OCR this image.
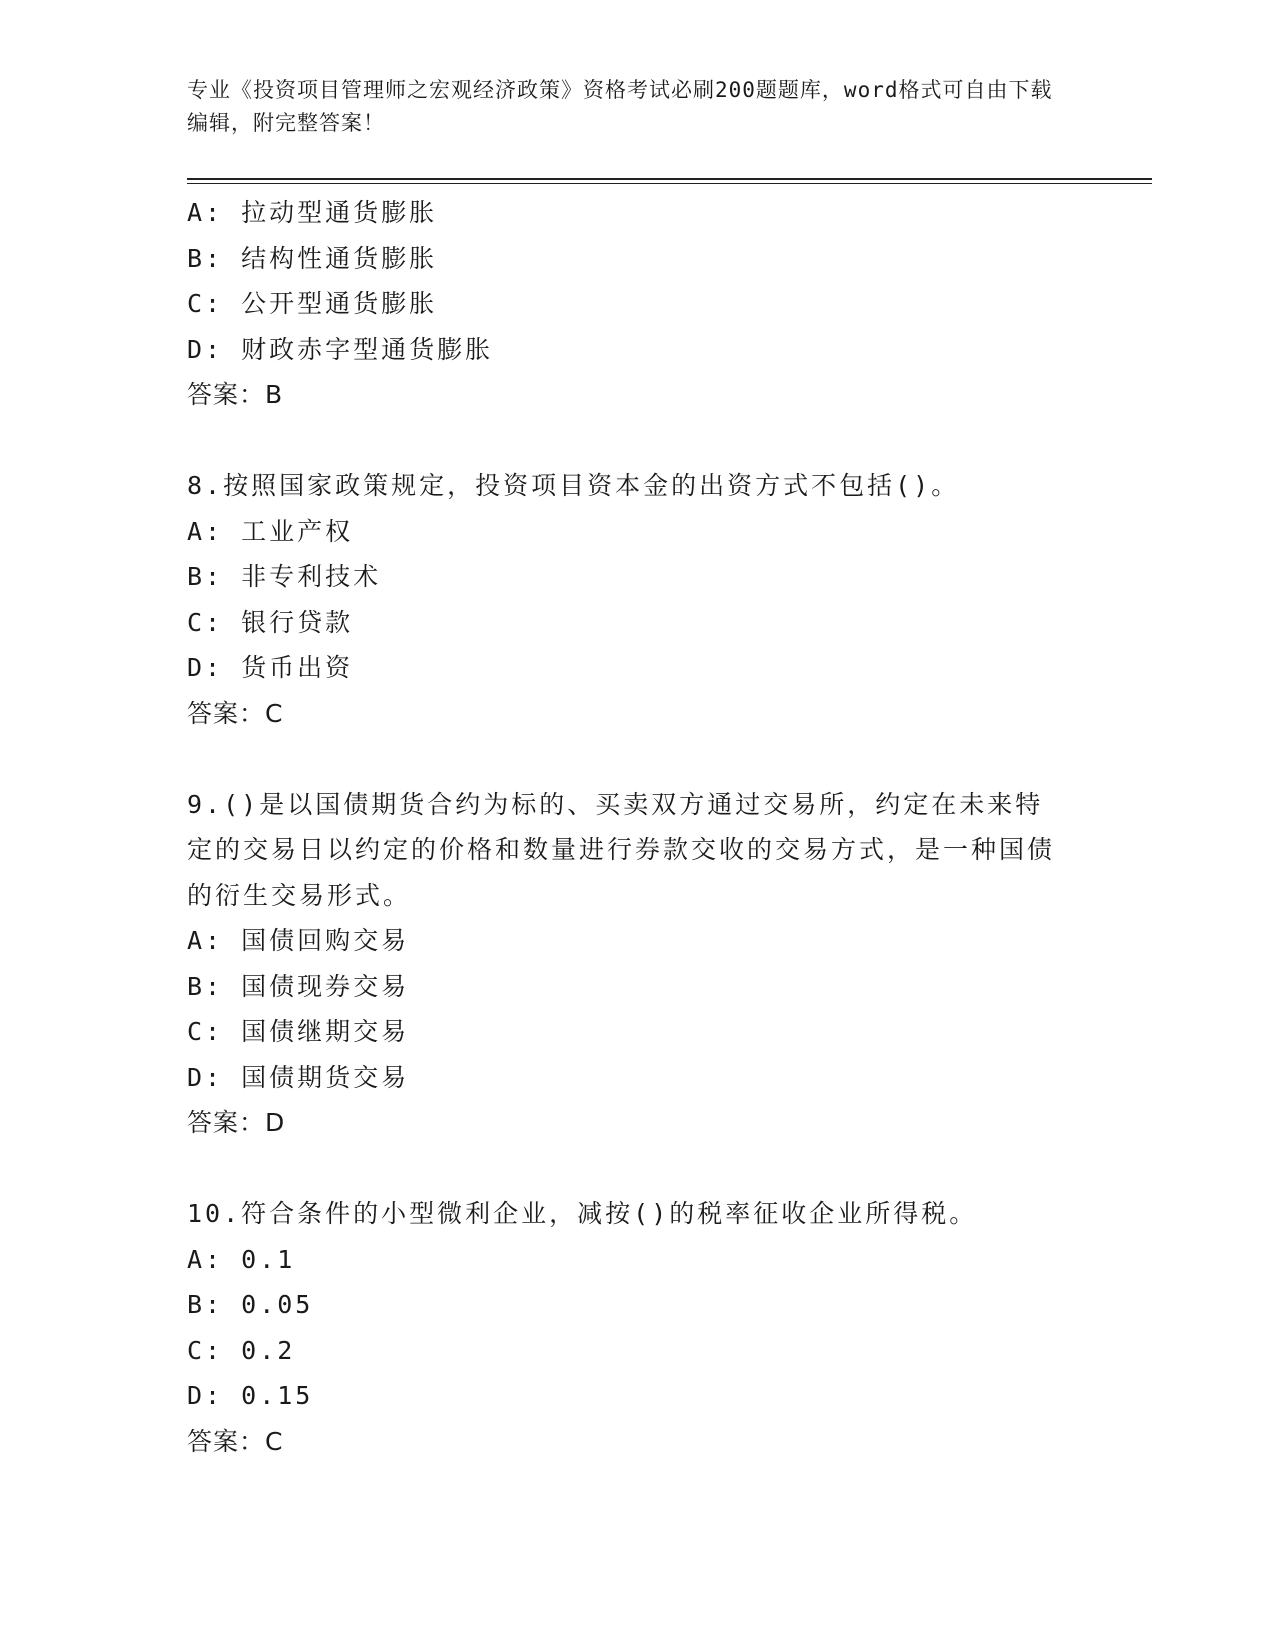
专业《投资项目管理师之宏观经济政策》资格考试必刷200题题库，word格式可自由下载编辑，附完整答案！
A: 拉动型通货膨胀
B: 结构性通货膨胀
C: 公开型通货膨胀
D: 财政赤字型通货膨胀
答案：B
8.按照国家政策规定，投资项目资本金的出资方式不包括()。
A: 工业产权
B: 非专利技术
C: 银行贷款
D: 货币出资
答案：C
9.()是以国债期货合约为标的、买卖双方通过交易所，约定在未来特定的交易日以约定的价格和数量进行券款交收的交易方式，是一种国债的衍生交易形式。
A: 国债回购交易
B: 国债现券交易
C: 国债继期交易
D: 国债期货交易
答案：D
10.符合条件的小型微利企业，减按()的税率征收企业所得税。
A: 0.1
B: 0.05
C: 0.2
D: 0.15
答案：C
